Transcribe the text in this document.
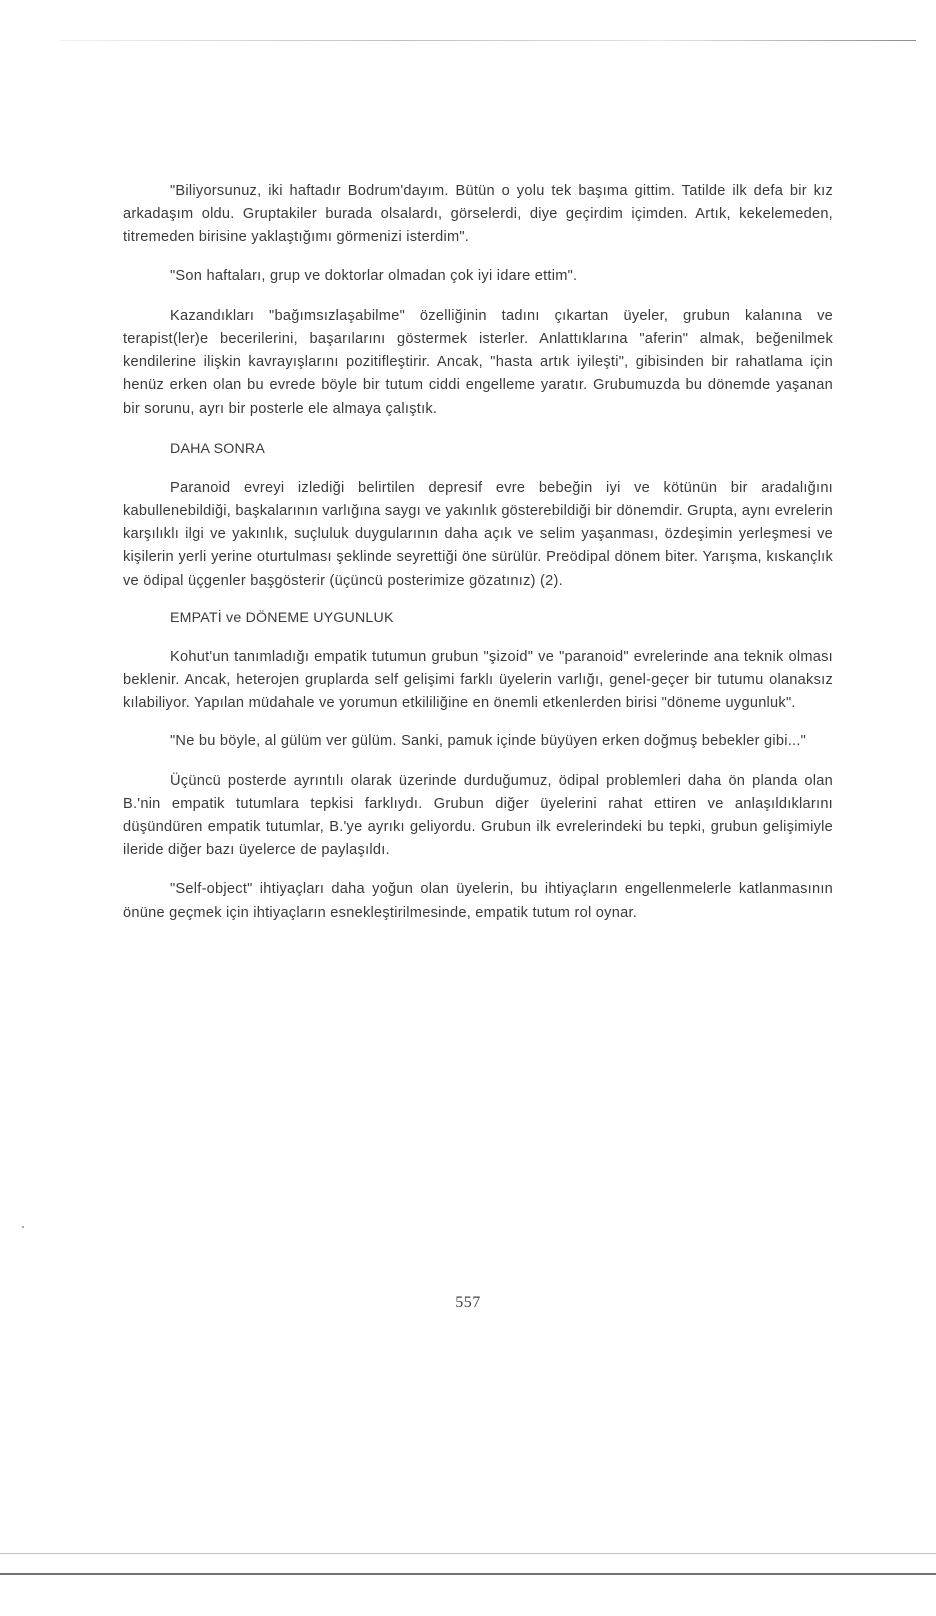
"Biliyorsunuz, iki haftadır Bodrum'dayım. Bütün o yolu tek başıma gittim. Tatilde ilk defa bir kız arkadaşım oldu. Gruptakiler burada olsalardı, görselerdi, diye geçirdim içimden. Artık, kekelemeden, titremeden birisine yaklaştığımı görmenizi isterdim".

"Son haftaları, grup ve doktorlar olmadan çok iyi idare ettim".

Kazandıkları "bağımsızlaşabilme" özelliğinin tadını çıkartan üyeler, grubun kalanına ve terapist(ler)e becerilerini, başarılarını göstermek isterler. Anlattıklarına "aferin" almak, beğenilmek kendilerine ilişkin kavrayışlarını pozitifleştirir. Ancak, "hasta artık iyileşti", gibisinden bir rahatlama için henüz erken olan bu evrede böyle bir tutum ciddi engelleme yaratır. Grubumuzda bu dönemde yaşanan bir sorunu, ayrı bir posterle ele almaya çalıştık.

DAHA SONRA

Paranoid evreyi izlediği belirtilen depresif evre bebeğin iyi ve kötünün bir aradalığını kabullenebildiği, başkalarının varlığına saygı ve yakınlık gösterebildiği bir dönemdir. Grupta, aynı evrelerin karşılıklı ilgi ve yakınlık, suçluluk duygularının daha açık ve selim yaşanması, özdeşimin yerleşmesi ve kişilerin yerli yerine oturtulması şeklinde seyrettiği öne sürülür. Preödipal dönem biter. Yarışma, kıskançlık ve ödipal üçgenler başgösterir (üçüncü posterimize gözatınız) (2).

EMPATİ ve DÖNEME UYGUNLUK

Kohut'un tanımladığı empatik tutumun grubun "şizoid" ve "paranoid" evrelerinde ana teknik olması beklenir. Ancak, heterojen gruplarda self gelişimi farklı üyelerin varlığı, genel-geçer bir tutumu olanaksız kılabiliyor. Yapılan müdahale ve yorumun etkililiğine en önemli etkenlerden birisi "döneme uygunluk".

"Ne bu böyle, al gülüm ver gülüm. Sanki, pamuk içinde büyüyen erken doğmuş bebekler gibi..."

Üçüncü posterde ayrıntılı olarak üzerinde durduğumuz, ödipal problemleri daha ön planda olan B.'nin empatik tutumlara tepkisi farklıydı. Grubun diğer üyelerini rahat ettiren ve anlaşıldıklarını düşündüren empatik tutumlar, B.'ye ayrıkı geliyordu. Grubun ilk evrelerindeki bu tepki, grubun gelişimiyle ileride diğer bazı üyelerce de paylaşıldı.

"Self-object" ihtiyaçları daha yoğun olan üyelerin, bu ihtiyaçların engellenmelerle katlanmasının önüne geçmek için ihtiyaçların esnekleştirilmesinde, empatik tutum rol oynar.

557
